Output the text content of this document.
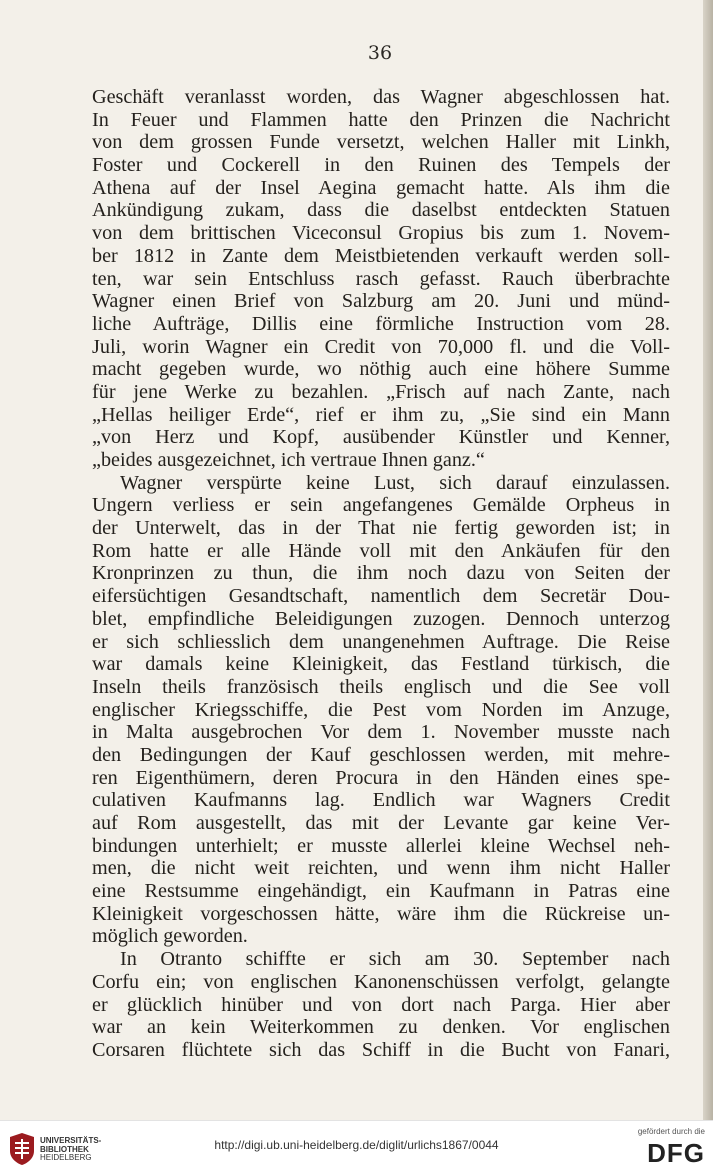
36
Geschäft veranlasst worden, das Wagner abgeschlossen hat.
In Feuer und Flammen hatte den Prinzen die Nachricht
von dem grossen Funde versetzt, welchen Haller mit Linkh,
Foster und Cockerell in den Ruinen des Tempels der
Athena auf der Insel Aegina gemacht hatte. Als ihm die
Ankündigung zukam, dass die daselbst entdeckten Statuen
von dem brittischen Viceconsul Gropius bis zum 1. Novem-
ber 1812 in Zante dem Meistbietenden verkauft werden soll-
ten, war sein Entschluss rasch gefasst. Rauch überbrachte
Wagner einen Brief von Salzburg am 20. Juni und münd-
liche Aufträge, Dillis eine förmliche Instruction vom 28.
Juli, worin Wagner ein Credit von 70,000 fl. und die Voll-
macht gegeben wurde, wo nöthig auch eine höhere Summe
für jene Werke zu bezahlen. „Frisch auf nach Zante, nach
„Hellas heiliger Erde“, rief er ihm zu, „Sie sind ein Mann
„von Herz und Kopf, ausübender Künstler und Kenner,
„beides ausgezeichnet, ich vertraue Ihnen ganz.“
Wagner verspürte keine Lust, sich darauf einzulassen.
Ungern verliess er sein angefangenes Gemälde Orpheus in
der Unterwelt, das in der That nie fertig geworden ist; in
Rom hatte er alle Hände voll mit den Ankäufen für den
Kronprinzen zu thun, die ihm noch dazu von Seiten der
eifersüchtigen Gesandtschaft, namentlich dem Secretär Dou-
blet, empfindliche Beleidigungen zuzogen. Dennoch unterzog
er sich schliesslich dem unangenehmen Auftrage. Die Reise
war damals keine Kleinigkeit, das Festland türkisch, die
Inseln theils französisch theils englisch und die See voll
englischer Kriegsschiffe, die Pest vom Norden im Anzuge,
in Malta ausgebrochen Vor dem 1. November musste nach
den Bedingungen der Kauf geschlossen werden, mit mehre-
ren Eigenthümern, deren Procura in den Händen eines spe-
culativen Kaufmanns lag. Endlich war Wagners Credit
auf Rom ausgestellt, das mit der Levante gar keine Ver-
bindungen unterhielt; er musste allerlei kleine Wechsel neh-
men, die nicht weit reichten, und wenn ihm nicht Haller
eine Restsumme eingehändigt, ein Kaufmann in Patras eine
Kleinigkeit vorgeschossen hätte, wäre ihm die Rückreise un-
möglich geworden.
In Otranto schiffte er sich am 30. September nach
Corfu ein; von englischen Kanonenschüssen verfolgt, gelangte
er glücklich hinüber und von dort nach Parga. Hier aber
war an kein Weiterkommen zu denken. Vor englischen
Corsaren flüchtete sich das Schiff in die Bucht von Fanari,
UNIVERSITÄTS-
BIBLIOTHEK
HEIDELBERG
http://digi.ub.uni-heidelberg.de/diglit/urlichs1867/0044
gefördert durch die
DFG
